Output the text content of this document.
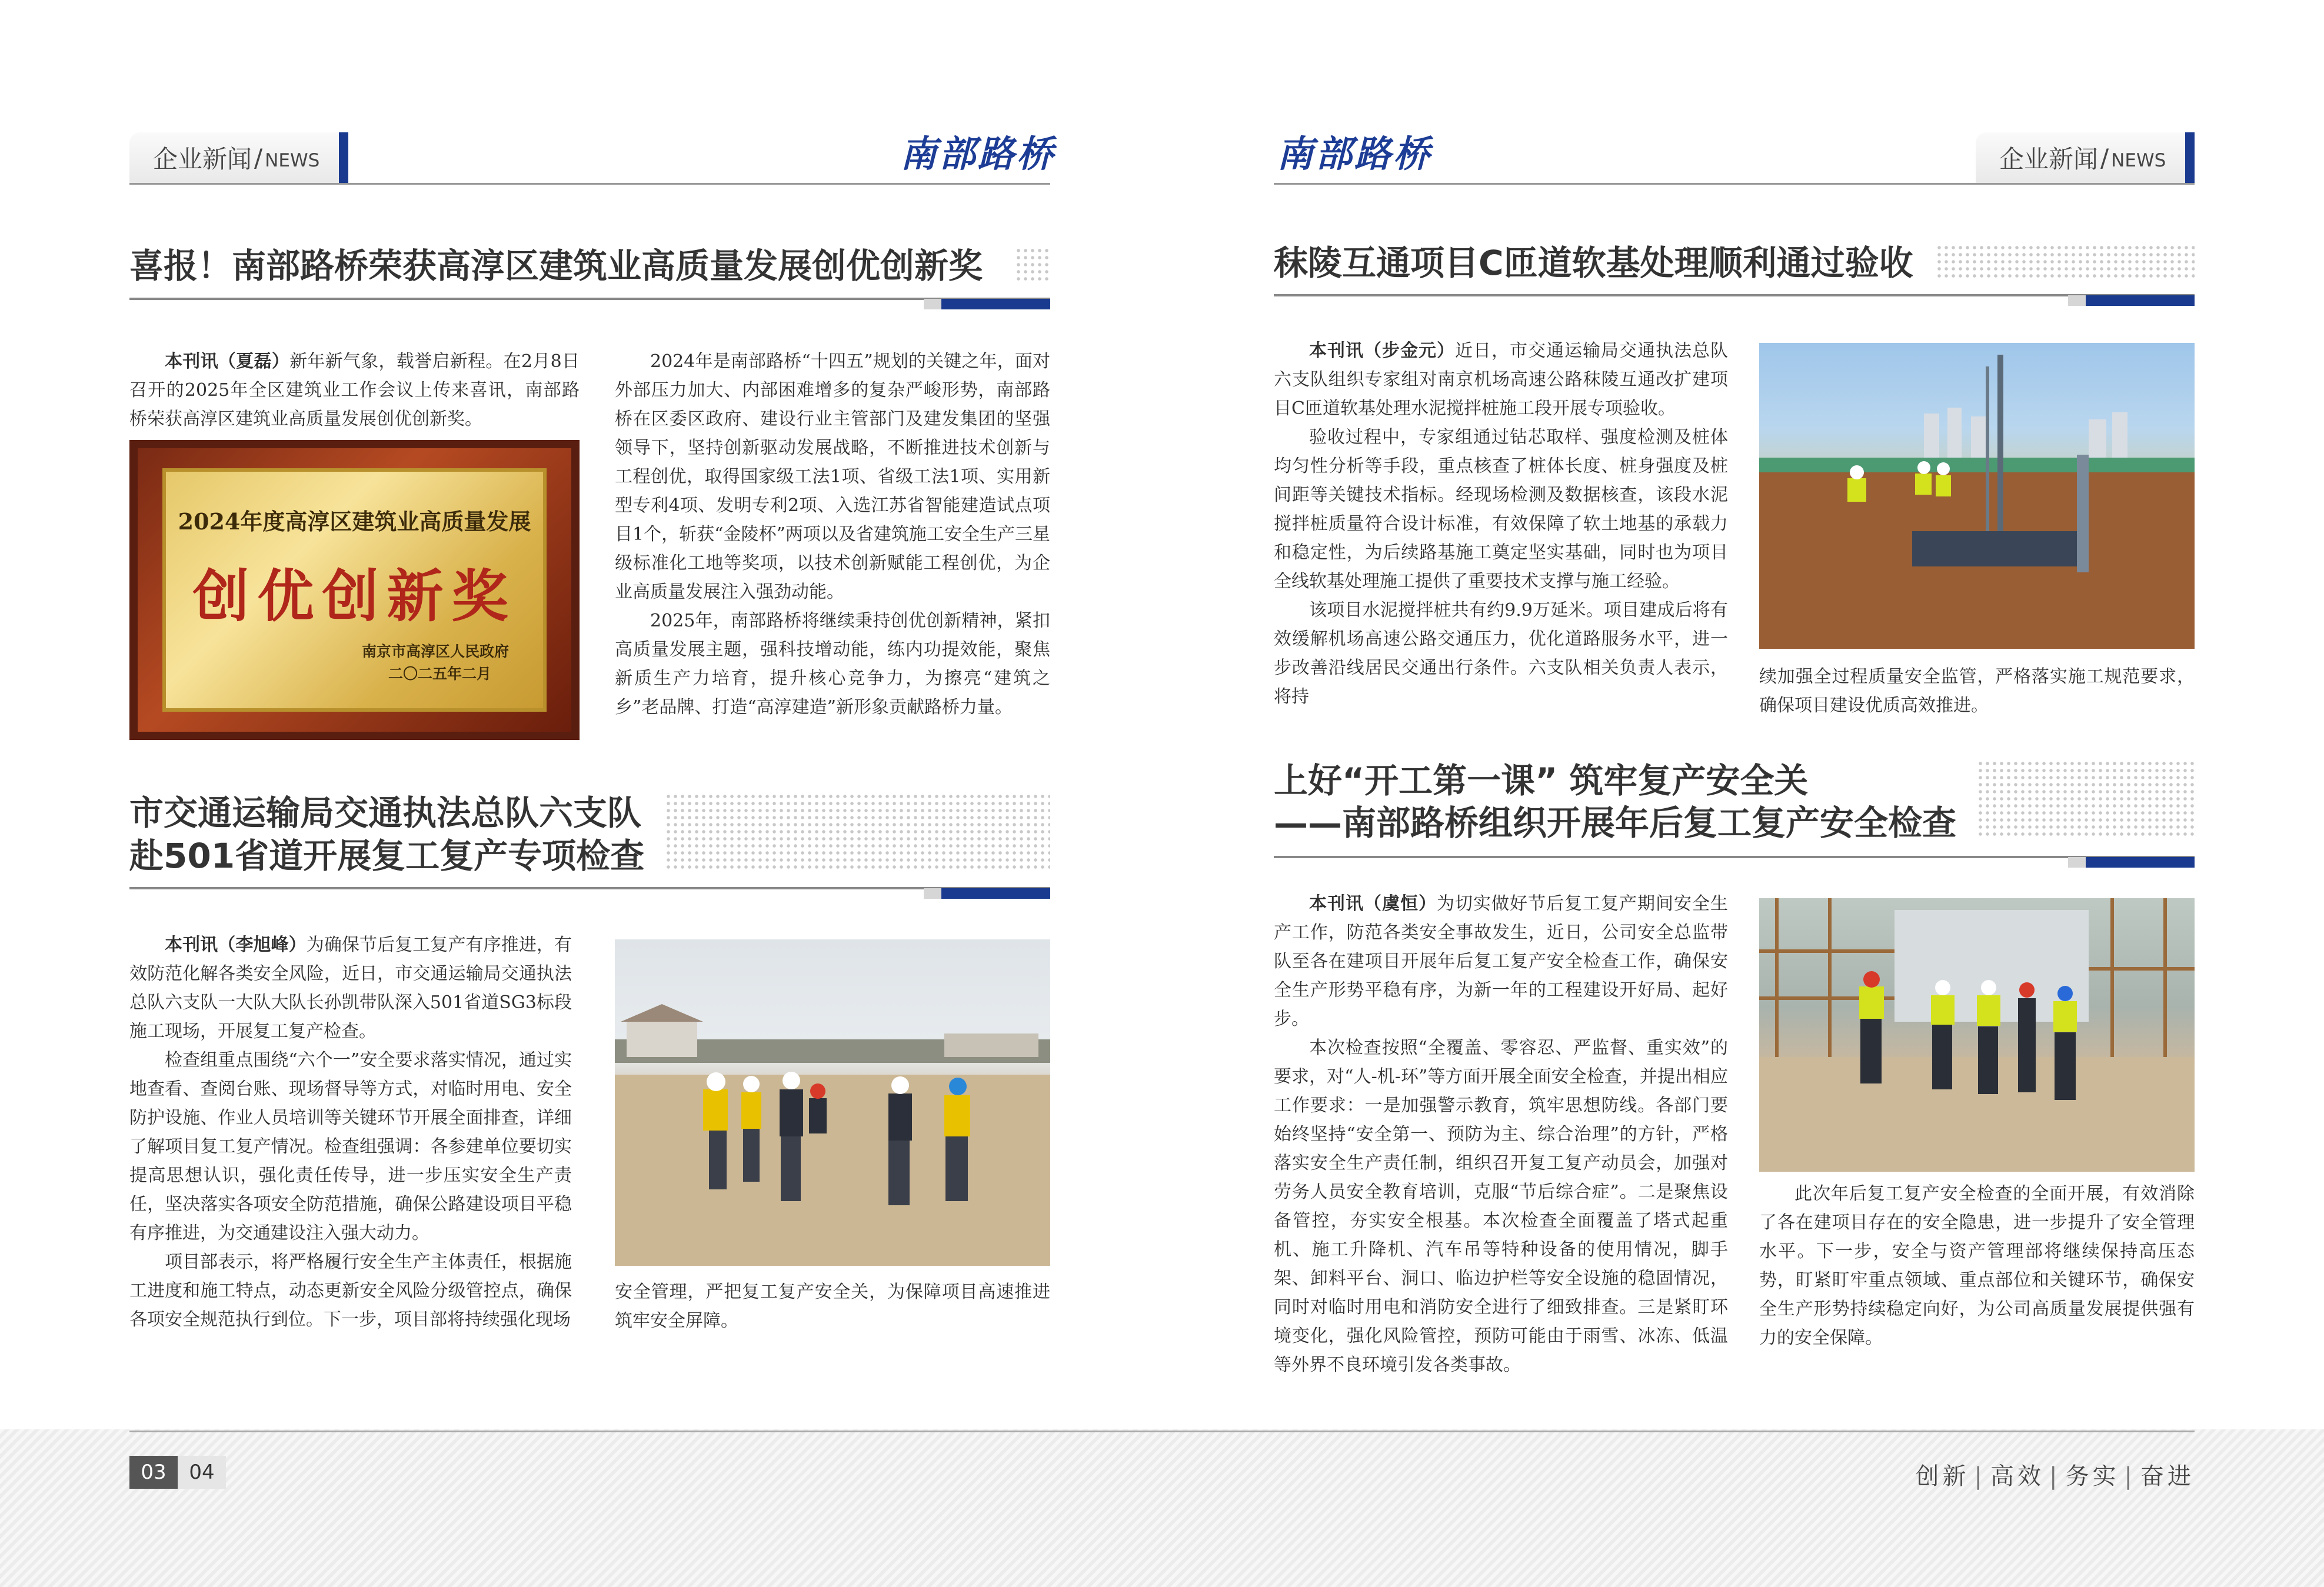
企业新闻 / NEWS	南部路桥
喜报！南部路桥荣获高淳区建筑业高质量发展创优创新奖

本刊讯（夏磊）新年新气象，载誉启新程。在2月8日召开的2025年全区建筑业工作会议上传来喜讯，南部路桥荣获高淳区建筑业高质量发展创优创新奖。

2024年度高淳区建筑业高质量发展
创优创新奖
南京市高淳区人民政府
二〇二五年二月

2024年是南部路桥“十四五”规划的关键之年，面对外部压力加大、内部困难增多的复杂严峻形势，南部路桥在区委区政府、建设行业主管部门及建发集团的坚强领导下，坚持创新驱动发展战略，不断推进技术创新与工程创优，取得国家级工法1项、省级工法1项、实用新型专利4项、发明专利2项、入选江苏省智能建造试点项目1个，斩获“金陵杯”两项以及省建筑施工安全生产三星级标准化工地等奖项，以技术创新赋能工程创优，为企业高质量发展注入强劲动能。

2025年，南部路桥将继续秉持创优创新精神，紧扣高质量发展主题，强科技增动能，练内功提效能，聚焦新质生产力培育，提升核心竞争力，为擦亮“建筑之乡”老品牌、打造“高淳建造”新形象贡献路桥力量。

市交通运输局交通执法总队六支队
赴501省道开展复工复产专项检查

本刊讯（李旭峰）为确保节后复工复产有序推进，有效防范化解各类安全风险，近日，市交通运输局交通执法总队六支队一大队大队长孙凯带队深入501省道SG3标段施工现场，开展复工复产检查。

检查组重点围绕“六个一”安全要求落实情况，通过实地查看、查阅台账、现场督导等方式，对临时用电、安全防护设施、作业人员培训等关键环节开展全面排查，详细了解项目复工复产情况。检查组强调：各参建单位要切实提高思想认识，强化责任传导，进一步压实安全生产责任，坚决落实各项安全防范措施，确保公路建设项目平稳有序推进，为交通建设注入强大动力。

项目部表示，将严格履行安全生产主体责任，根据施工进度和施工特点，动态更新安全风险分级管控点，确保各项安全规范执行到位。下一步，项目部将持续强化现场

安全管理，严把复工复产安全关，为保障项目高速推进筑牢安全屏障。

南部路桥	企业新闻 / NEWS
秣陵互通项目C匝道软基处理顺利通过验收

本刊讯（步金元）近日，市交通运输局交通执法总队六支队组织专家组对南京机场高速公路秣陵互通改扩建项目C匝道软基处理水泥搅拌桩施工段开展专项验收。

验收过程中，专家组通过钻芯取样、强度检测及桩体均匀性分析等手段，重点核查了桩体长度、桩身强度及桩间距等关键技术指标。经现场检测及数据核查，该段水泥搅拌桩质量符合设计标准，有效保障了软土地基的承载力和稳定性，为后续路基施工奠定坚实基础，同时也为项目全线软基处理施工提供了重要技术支撑与施工经验。

该项目水泥搅拌桩共有约9.9万延米。项目建成后将有效缓解机场高速公路交通压力，优化道路服务水平，进一步改善沿线居民交通出行条件。六支队相关负责人表示，将持

续加强全过程质量安全监管，严格落实施工规范要求，确保项目建设优质高效推进。

上好“开工第一课” 筑牢复产安全关
——南部路桥组织开展年后复工复产安全检查

本刊讯（虞恒）为切实做好节后复工复产期间安全生产工作，防范各类安全事故发生，近日，公司安全总监带队至各在建项目开展年后复工复产安全检查工作，确保安全生产形势平稳有序，为新一年的工程建设开好局、起好步。

本次检查按照“全覆盖、零容忍、严监督、重实效”的要求，对“人-机-环”等方面开展全面安全检查，并提出相应工作要求：一是加强警示教育，筑牢思想防线。各部门要始终坚持“安全第一、预防为主、综合治理”的方针，严格落实安全生产责任制，组织召开复工复产动员会，加强对劳务人员安全教育培训，克服“节后综合症”。二是聚焦设备管控，夯实安全根基。本次检查全面覆盖了塔式起重机、施工升降机、汽车吊等特种设备的使用情况，脚手架、卸料平台、洞口、临边护栏等安全设施的稳固情况，同时对临时用电和消防安全进行了细致排查。三是紧盯环境变化，强化风险管控，预防可能由于雨雪、冰冻、低温等外界不良环境引发各类事故。

此次年后复工复产安全检查的全面开展，有效消除了各在建项目存在的安全隐患，进一步提升了安全管理水平。下一步，安全与资产管理部将继续保持高压态势，盯紧盯牢重点领域、重点部位和关键环节，确保安全生产形势持续稳定向好，为公司高质量发展提供强有力的安全保障。

03	04	创新 | 高效 | 务实 | 奋进
